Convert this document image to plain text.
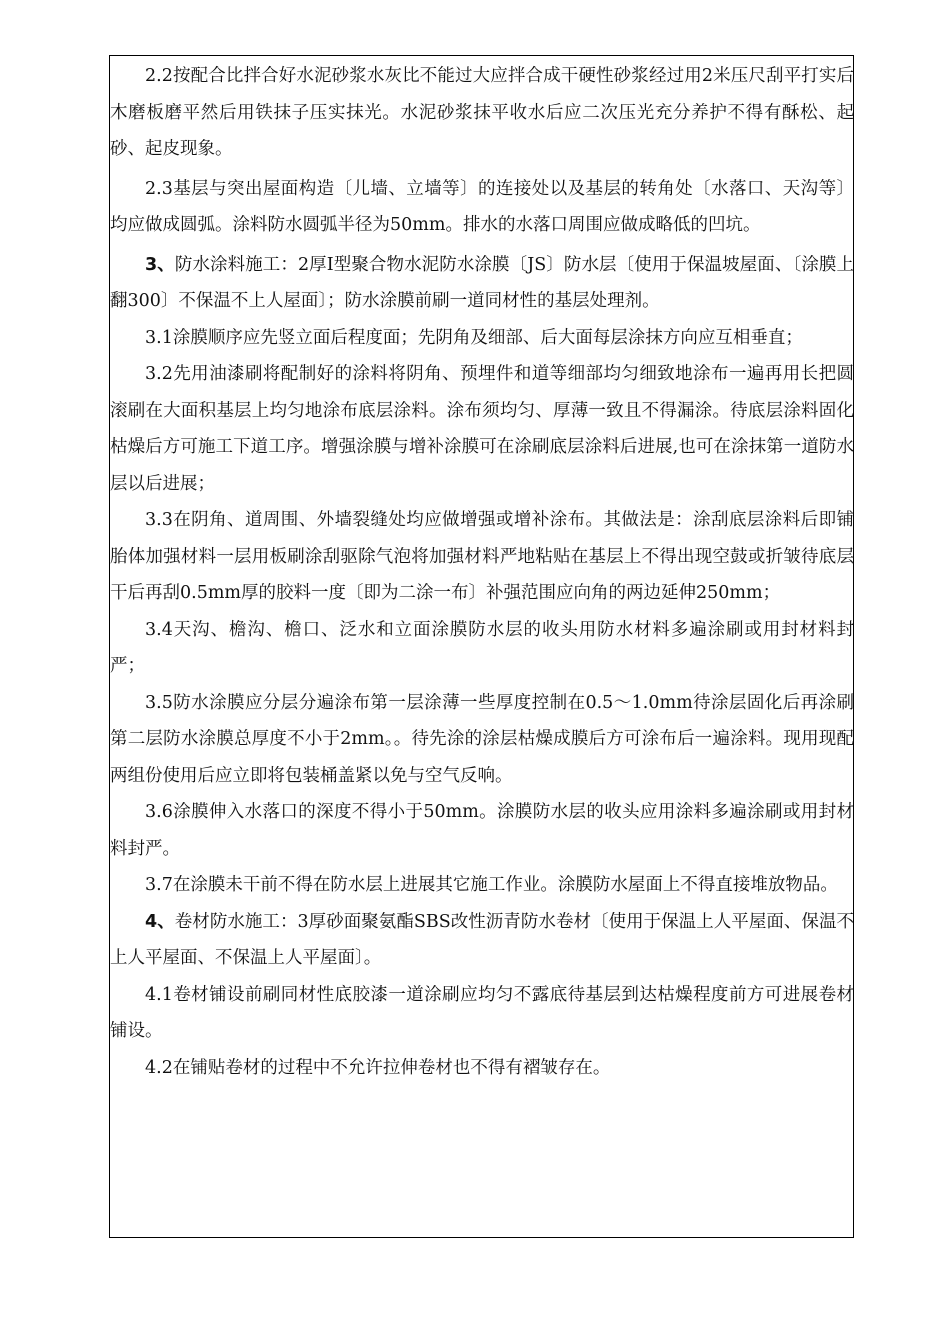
2.2按配合比拌合好水泥砂浆水灰比不能过大应拌合成干硬性砂浆经过用2米压尺刮平打实后木磨板磨平然后用铁抹子压实抹光。水泥砂浆抹平收水后应二次压光充分养护不得有酥松、起砂、起皮现象。

2.3基层与突出屋面构造〔儿墙、立墙等〕的连接处以及基层的转角处〔水落口、天沟等〕均应做成圆弧。涂料防水圆弧半径为50mm。排水的水落口周围应做成略低的凹坑。

3、防水涂料施工：2厚Ⅰ型聚合物水泥防水涂膜〔JS〕防水层〔使用于保温坡屋面、〔涂膜上翻300〕不保温不上人屋面〕；防水涂膜前刷一道同材性的基层处理剂。

3.1涂膜顺序应先竖立面后程度面；先阴角及细部、后大面每层涂抹方向应互相垂直；

3.2先用油漆刷将配制好的涂料将阴角、预埋件和道等细部均匀细致地涂布一遍再用长把圆滚刷在大面积基层上均匀地涂布底层涂料。涂布须均匀、厚薄一致且不得漏涂。待底层涂料固化枯燥后方可施工下道工序。增强涂膜与增补涂膜可在涂刷底层涂料后进展,也可在涂抹第一道防水层以后进展；

3.3在阴角、道周围、外墙裂缝处均应做增强或增补涂布。其做法是：涂刮底层涂料后即铺胎体加强材料一层用板刷涂刮驱除气泡将加强材料严地粘贴在基层上不得出现空鼓或折皱待底层干后再刮0.5mm厚的胶料一度〔即为二涂一布〕补强范围应向角的两边延伸250mm；

3.4天沟、檐沟、檐口、泛水和立面涂膜防水层的收头用防水材料多遍涂刷或用封材料封严；

3.5防水涂膜应分层分遍涂布第一层涂薄一些厚度控制在0.5～1.0mm待涂层固化后再涂刷第二层防水涂膜总厚度不小于2mm。。待先涂的涂层枯燥成膜后方可涂布后一遍涂料。现用现配两组份使用后应立即将包装桶盖紧以免与空气反响。

3.6涂膜伸入水落口的深度不得小于50mm。涂膜防水层的收头应用涂料多遍涂刷或用封材料封严。

3.7在涂膜未干前不得在防水层上进展其它施工作业。涂膜防水屋面上不得直接堆放物品。

4、卷材防水施工：3厚砂面聚氨酯SBS改性沥青防水卷材〔使用于保温上人平屋面、保温不上人平屋面、不保温上人平屋面〕。

4.1卷材铺设前刷同材性底胶漆一道涂刷应均匀不露底待基层到达枯燥程度前方可进展卷材铺设。

4.2在铺贴卷材的过程中不允许拉伸卷材也不得有褶皱存在。
